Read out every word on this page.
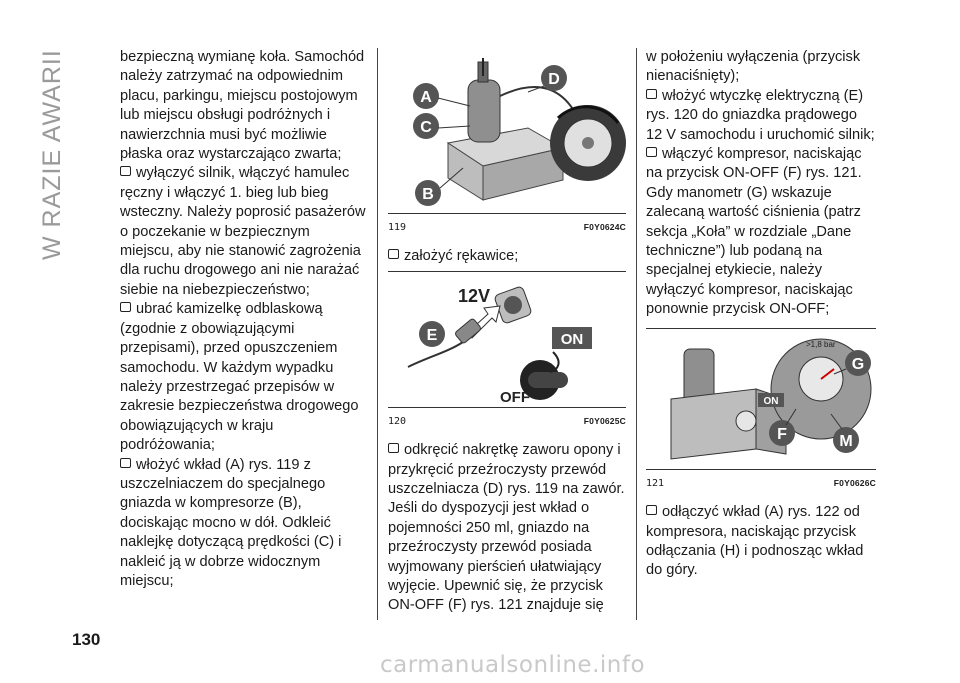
W RAZIE AWARII
130

bezpieczną wymianę koła. Samochód należy zatrzymać na odpowiednim placu, parkingu, miejscu postojowym lub miejscu obsługi podróżnych i nawierzchnia musi być możliwie płaska oraz wystarczająco zwarta;

wyłączyć silnik, włączyć hamulec ręczny i włączyć 1. bieg lub bieg wsteczny. Należy poprosić pasażerów o poczekanie w bezpiecznym miejscu, aby nie stanowić zagrożenia dla ruchu drogowego ani nie narażać siebie na niebezpieczeństwo;

ubrać kamizelkę odblaskową (zgodnie z obowiązującymi przepisami), przed opuszczeniem samochodu. W każdym wypadku należy przestrzegać przepisów w zakresie bezpieczeństwa drogowego obowiązujących w kraju podróżowania;

włożyć wkład (A) rys. 119 z uszczelniaczem do specjalnego gniazda w kompresorze (B), dociskając mocno w dół. Odkleić naklejkę dotyczącą prędkości (C) i nakleić ją w dobrze widocznym miejscu;

A
C
B
D
119	F0Y0624C

założyć rękawice;

12V
E	ON
OFF
120	F0Y0625C

odkręcić nakrętkę zaworu opony i przykręcić przeźroczysty przewód uszczelniacza (D) rys. 119 na zawór. Jeśli do dyspozycji jest wkład o pojemności 250 ml, gniazdo na przeźroczysty przewód posiada wyjmowany pierścień ułatwiający wyjęcie. Upewnić się, że przycisk ON-OFF (F) rys. 121 znajduje się

w położeniu wyłączenia (przycisk nienaciśnięty);

włożyć wtyczkę elektryczną (E) rys. 120 do gniazdka prądowego 12 V samochodu i uruchomić silnik;

włączyć kompresor, naciskając na przycisk ON-OFF (F) rys. 121. Gdy manometr (G) wskazuje zalecaną wartość ciśnienia (patrz sekcja „Koła” w rozdziale „Dane techniczne”) lub podaną na specjalnej etykiecie, należy wyłączyć kompresor, naciskając ponownie przycisk ON-OFF;

>1,8 bar
ON
G
F	M
121	F0Y0626C

odłączyć wkład (A) rys. 122 od kompresora, naciskając przycisk odłączania (H) i podnosząc wkład do góry.

carmanualsonline.info
